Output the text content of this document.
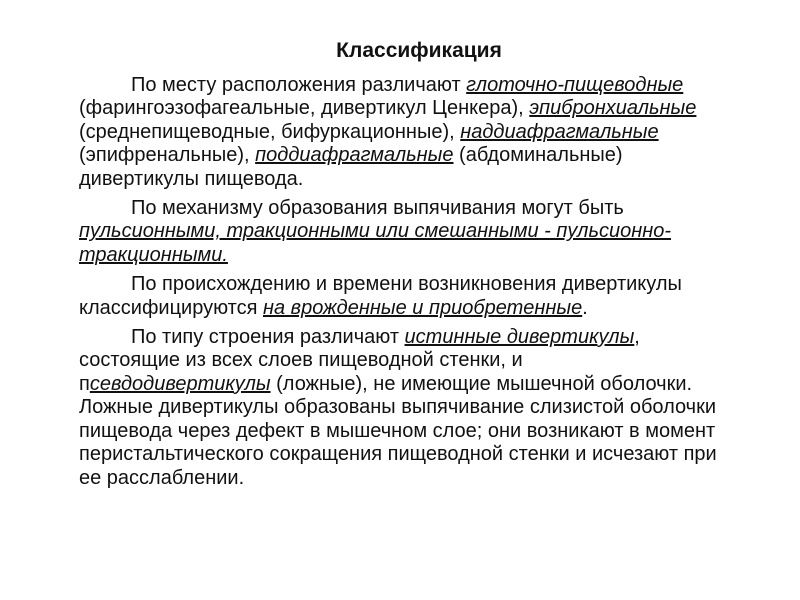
Классификация

По месту расположения различают глоточно-пищеводные (фарингоэзофагеальные, дивертикул Ценкера), эпибронхиальные (среднепищеводные, бифуркационные), наддиафрагмальные (эпифренальные), поддиафрагмальные (абдоминальные) дивертикулы пищевода.

По механизму образования выпячивания могут быть пульсионными, тракционными или смешанными - пульсионно-тракционными.

По происхождению и времени возникновения дивертикулы классифицируются на врожденные и приобретенные.

По типу строения различают истинные дивертикулы, состоящие из всех слоев пищеводной стенки, и псевдодивертикулы (ложные), не имеющие мышечной оболочки. Ложные дивертикулы образованы выпячивание слизистой оболочки пищевода через дефект в мышечном слое; они возникают в момент перистальтического сокращения пищеводной стенки и исчезают при ее расслаблении.
